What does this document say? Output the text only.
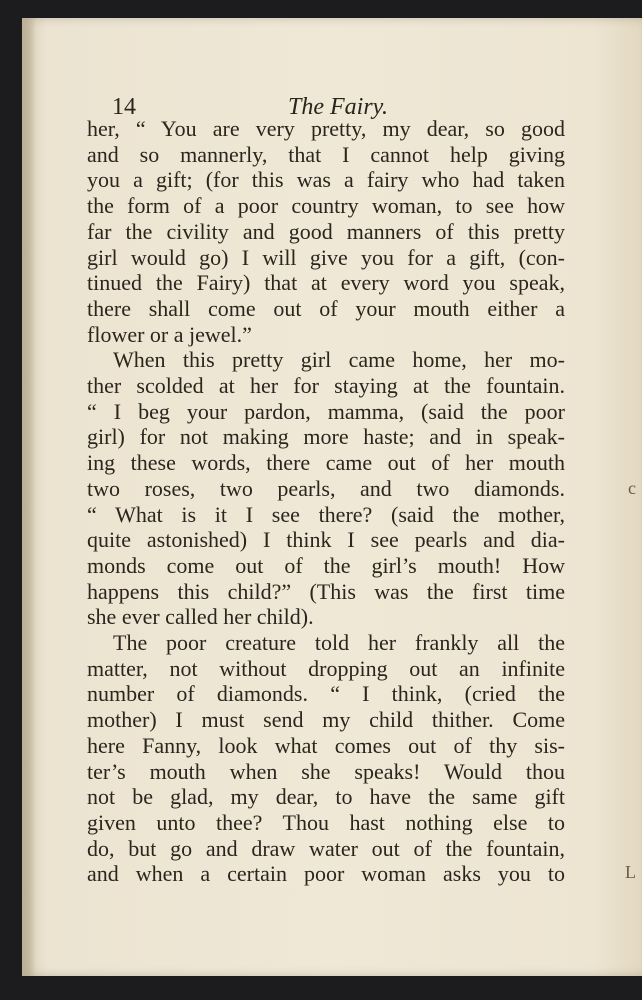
14	The Fairy.
her, “ You are very pretty, my dear, so good
and so mannerly, that I cannot help giving
you a gift; (for this was a fairy who had taken
the form of a poor country woman, to see how
far the civility and good manners of this pretty
girl would go) I will give you for a gift, (con-
tinued the Fairy) that at every word you speak,
there shall come out of your mouth either a
flower or a jewel.”
When this pretty girl came home, her mo-
ther scolded at her for staying at the fountain.
“ I beg your pardon, mamma, (said the poor
girl) for not making more haste; and in speak-
ing these words, there came out of her mouth
two roses, two pearls, and two diamonds.
“ What is it I see there? (said the mother,
quite astonished) I think I see pearls and dia-
monds come out of the girl’s mouth! How
happens this child?” (This was the first time
she ever called her child).
The poor creature told her frankly all the
matter, not without dropping out an infinite
number of diamonds. “ I think, (cried the
mother) I must send my child thither. Come
here Fanny, look what comes out of thy sis-
ter’s mouth when she speaks! Would thou
not be glad, my dear, to have the same gift
given unto thee? Thou hast nothing else to
do, but go and draw water out of the fountain,
and when a certain poor woman asks you to
с
L
